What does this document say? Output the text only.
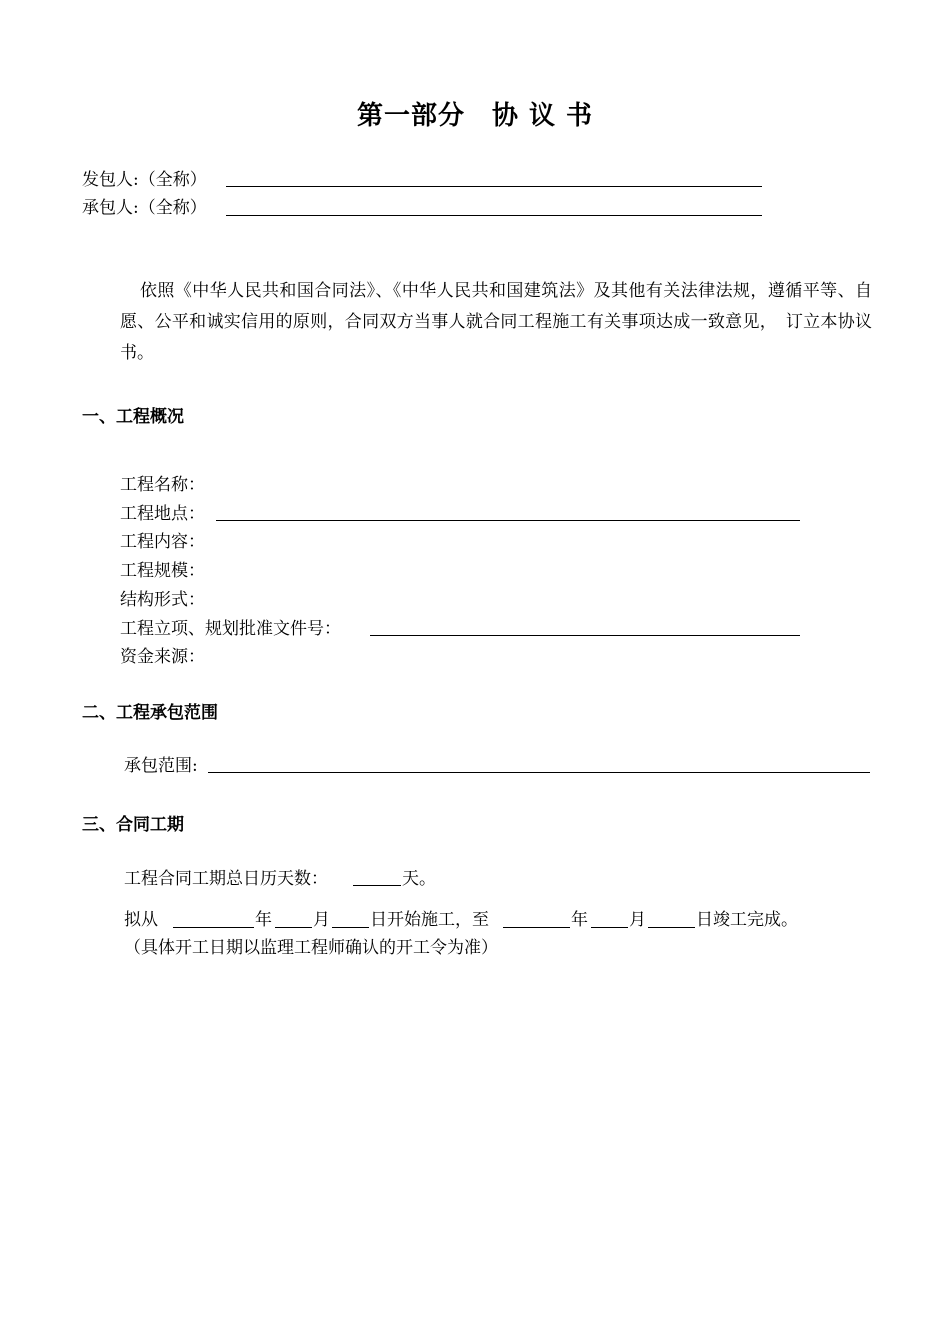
第一部分　协 议 书
发包人:（全称）
承包人:（全称）
依照《中华人民共和国合同法》、《中华人民共和国建筑法》及其他有关法律法规，遵循平等、自愿、公平和诚实信用的原则，合同双方当事人就合同工程施工有关事项达成一致意见，　订立本协议书。
一、工程概况
工程名称：
工程地点：
工程内容：
工程规模：
结构形式：
工程立项、规划批准文件号：
资金来源：
二、工程承包范围
承包范围:
三、合同工期
工程合同工期总日历天数：	天。
拟从	年 月 日开始施工，至	年 月	日竣工完成。
（具体开工日期以监理工程师确认的开工令为准）
